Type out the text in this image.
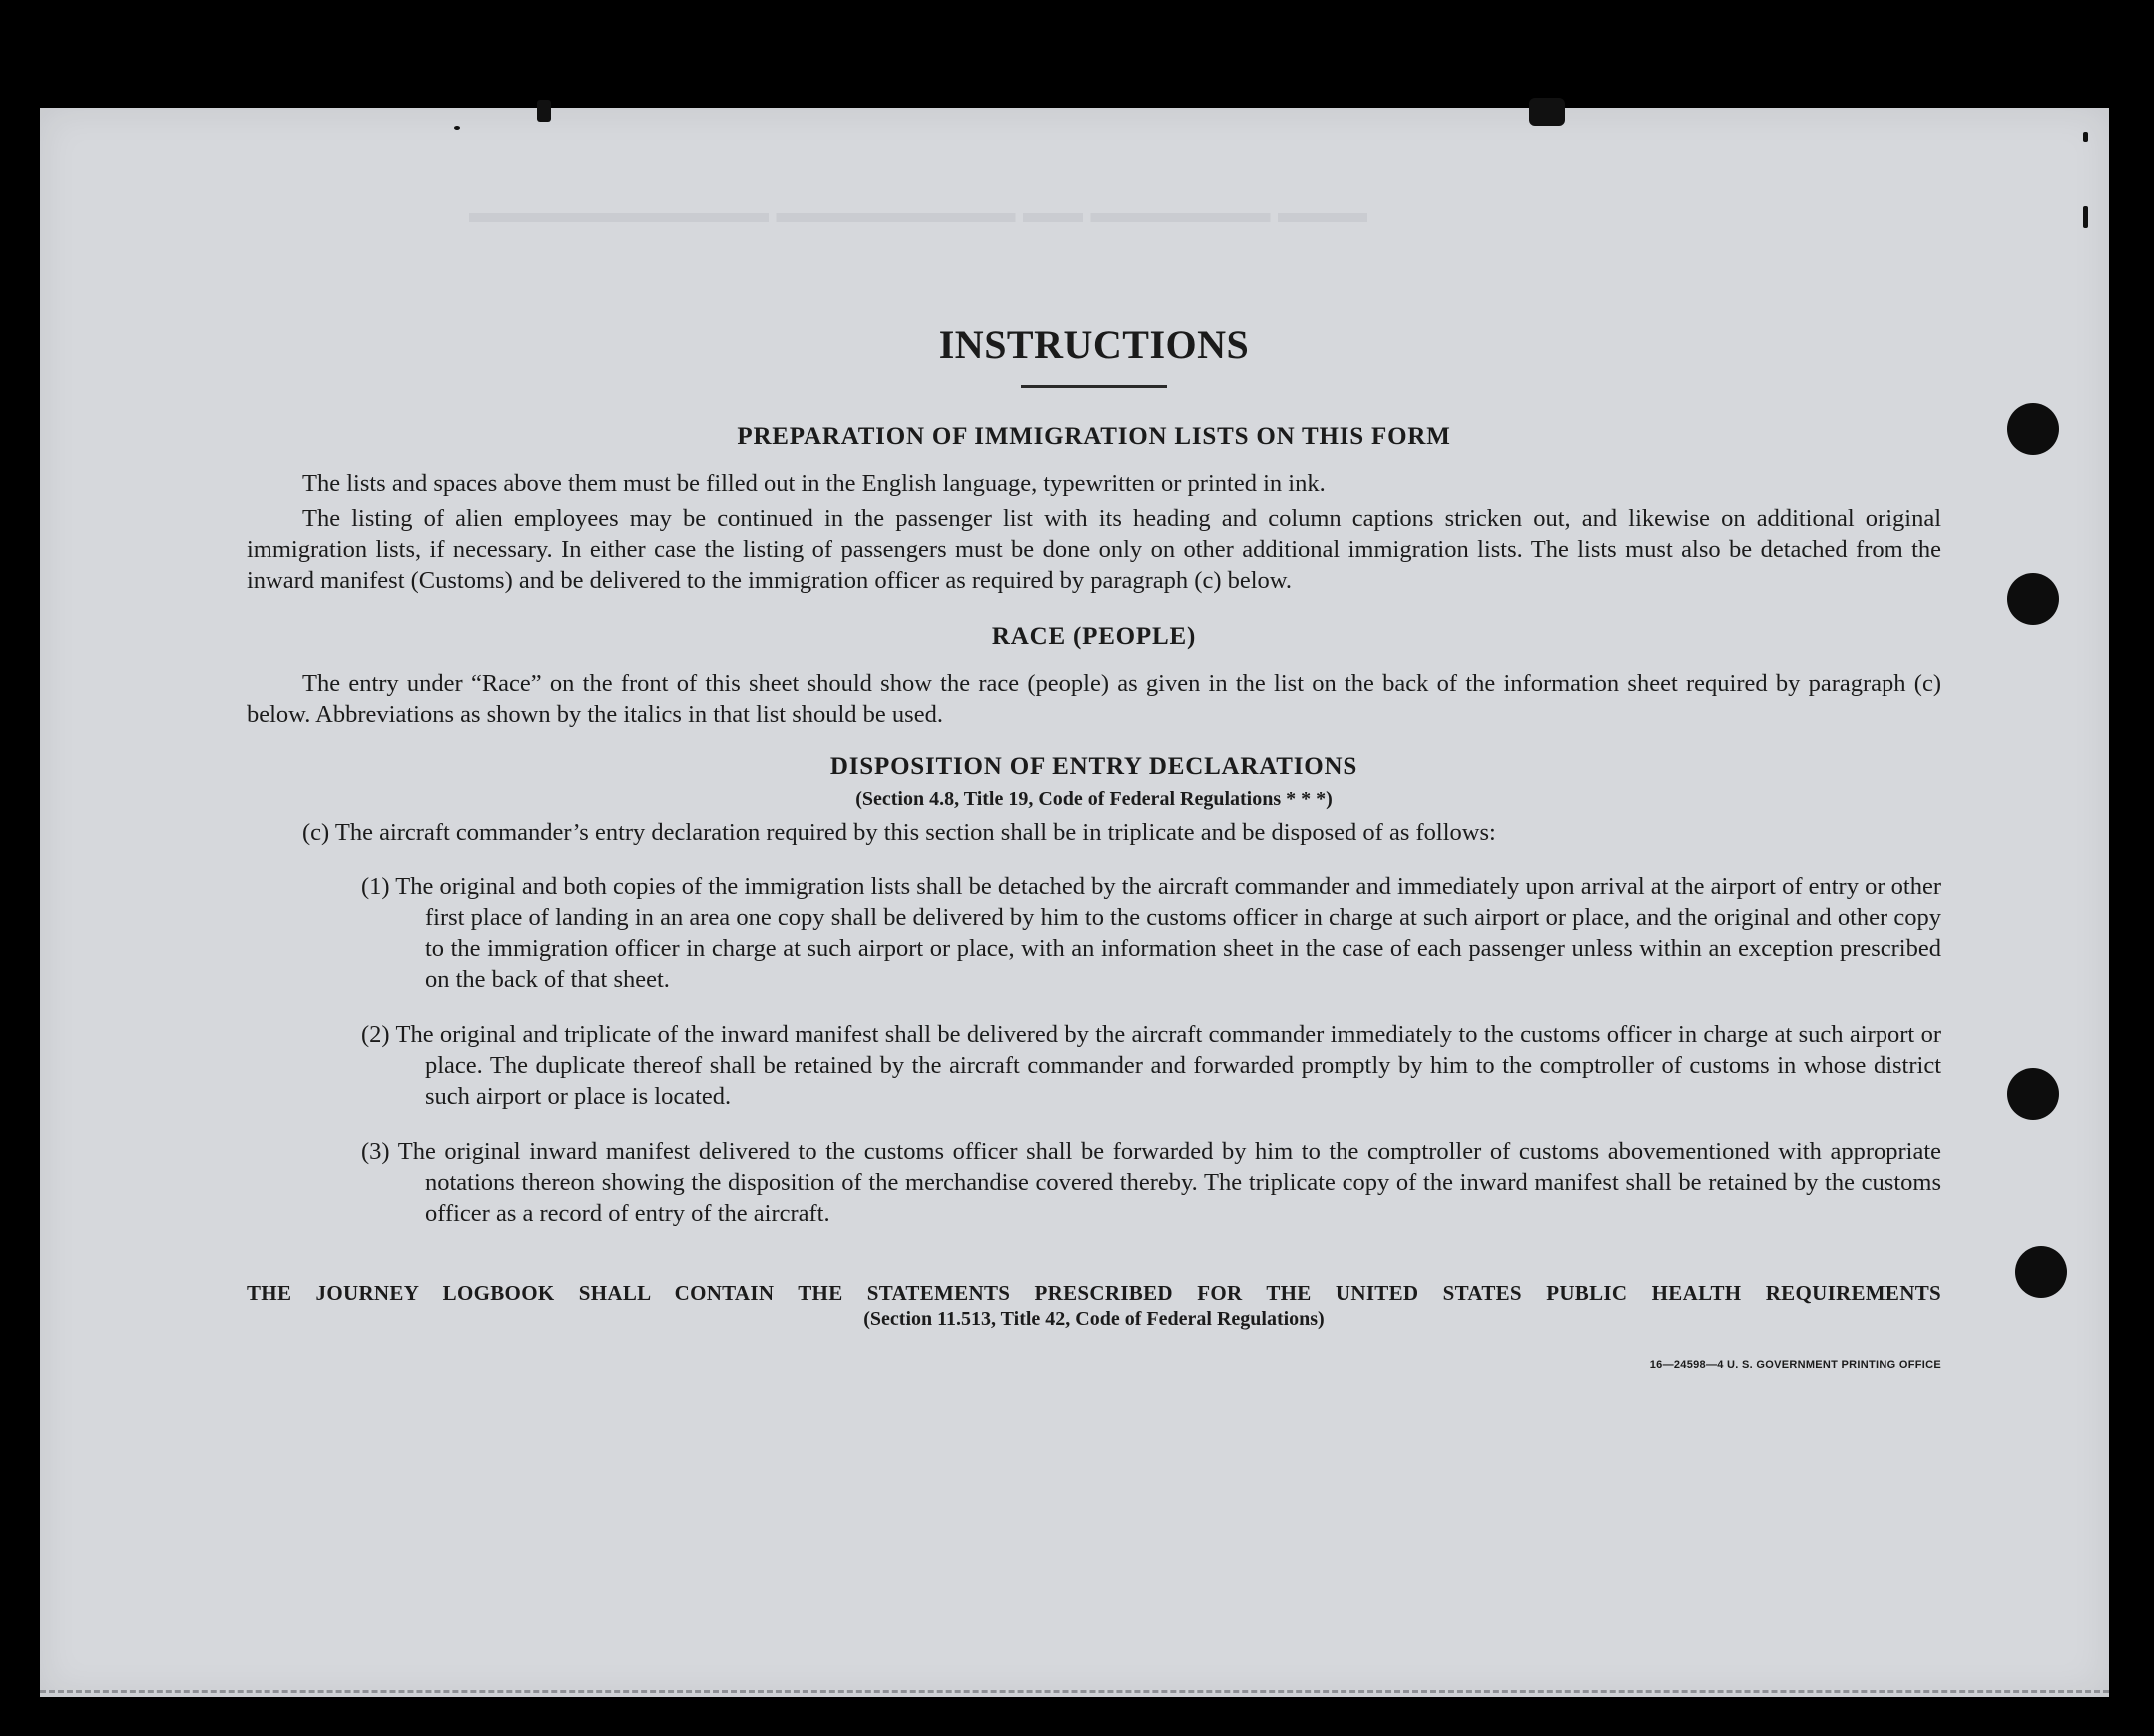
▬▬▬ ▬▬▬▬▬▬ ▬▬ ▬▬▬▬▬▬▬▬ ▬▬▬▬▬▬▬▬▬▬
INSTRUCTIONS
PREPARATION OF IMMIGRATION LISTS ON THIS FORM

The lists and spaces above them must be filled out in the English language, typewritten or printed in ink.

The listing of alien employees may be continued in the passenger list with its heading and column captions stricken out, and likewise on additional original immigration lists, if necessary. In either case the listing of passengers must be done only on other additional immigration lists. The lists must also be detached from the inward manifest (Customs) and be delivered to the immigration officer as required by paragraph (c) below.

RACE (PEOPLE)

The entry under “Race” on the front of this sheet should show the race (people) as given in the list on the back of the information sheet required by paragraph (c) below. Abbreviations as shown by the italics in that list should be used.

DISPOSITION OF ENTRY DECLARATIONS
(Section 4.8, Title 19, Code of Federal Regulations * * *)

(c) The aircraft commander’s entry declaration required by this section shall be in triplicate and be disposed of as follows:

(1) The original and both copies of the immigration lists shall be detached by the aircraft commander and immediately upon arrival at the airport of entry or other first place of landing in an area one copy shall be delivered by him to the customs officer in charge at such airport or place, and the original and other copy to the immigration officer in charge at such airport or place, with an information sheet in the case of each passenger unless within an exception prescribed on the back of that sheet.

(2) The original and triplicate of the inward manifest shall be delivered by the aircraft commander immediately to the customs officer in charge at such airport or place. The duplicate thereof shall be retained by the aircraft commander and forwarded promptly by him to the comptroller of customs in whose district such airport or place is located.

(3) The original inward manifest delivered to the customs officer shall be forwarded by him to the comptroller of customs abovementioned with appropriate notations thereon showing the disposition of the merchandise covered thereby. The triplicate copy of the inward manifest shall be retained by the customs officer as a record of entry of the aircraft.

THE JOURNEY LOGBOOK SHALL CONTAIN THE STATEMENTS PRESCRIBED FOR THE UNITED STATES PUBLIC HEALTH REQUIREMENTS
(Section 11.513, Title 42, Code of Federal Regulations)
16—24598—4 U. S. GOVERNMENT PRINTING OFFICE
